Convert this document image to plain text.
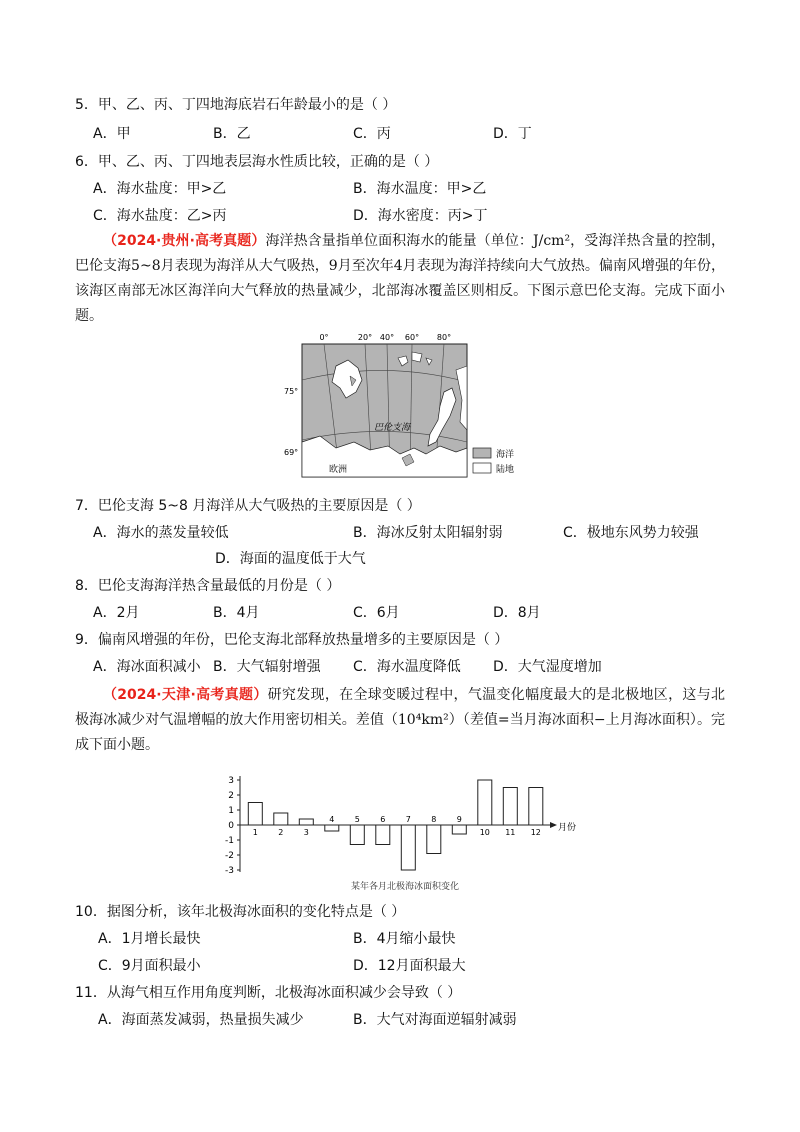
5．甲、乙、丙、丁四地海底岩石年龄最小的是（ ）
A．甲	B．乙	C．丙	D．丁
6．甲、乙、丙、丁四地表层海水性质比较，正确的是（ ）
A．海水盐度：甲>乙	B．海水温度：甲>乙
C．海水盐度：乙>丙	D．海水密度：丙>丁
（2024·贵州·高考真题）海洋热含量指单位面积海水的能量（单位：J/cm²，受海洋热含量的控制，巴伦支海5~8月表现为海洋从大气吸热，9月至次年4月表现为海洋持续向大气放热。偏南风增强的年份，该海区南部无冰区海洋向大气释放的热量减少，北部海冰覆盖区则相反。下图示意巴伦支海。完成下面小题。
0°	20° 40° 60° 80°
75°
69°
巴伦支海
欧洲
海洋
陆地
7．巴伦支海 5~8 月海洋从大气吸热的主要原因是（ ）
A．海水的蒸发量较低	B．海冰反射太阳辐射弱	C．极地东风势力较强
D．海面的温度低于大气
8．巴伦支海海洋热含量最低的月份是（ ）
A．2月	B．4月	C．6月	D．8月
9．偏南风增强的年份，巴伦支海北部释放热量增多的主要原因是（ ）
A．海冰面积减小 B．大气辐射增强 C．海水温度降低 D．大气湿度增加
（2024·天津·高考真题）研究发现，在全球变暖过程中，气温变化幅度最大的是北极地区，这与北极海冰减少对气温增幅的放大作用密切相关。差值（10⁴km²）（差值=当月海冰面积−上月海冰面积）。完成下面小题。
3
2
1
0
-1
-2
-3
1	2	3
4	5	6	7	8	9
10 11 12 月份
某年各月北极海冰面积变化
10．据图分析，该年北极海冰面积的变化特点是（ ）
A．1月增长最快	B．4月缩小最快
C．9月面积最小	D．12月面积最大
11．从海气相互作用角度判断，北极海冰面积减少会导致（ ）
A．海面蒸发减弱，热量损失减少	B．大气对海面逆辐射减弱
